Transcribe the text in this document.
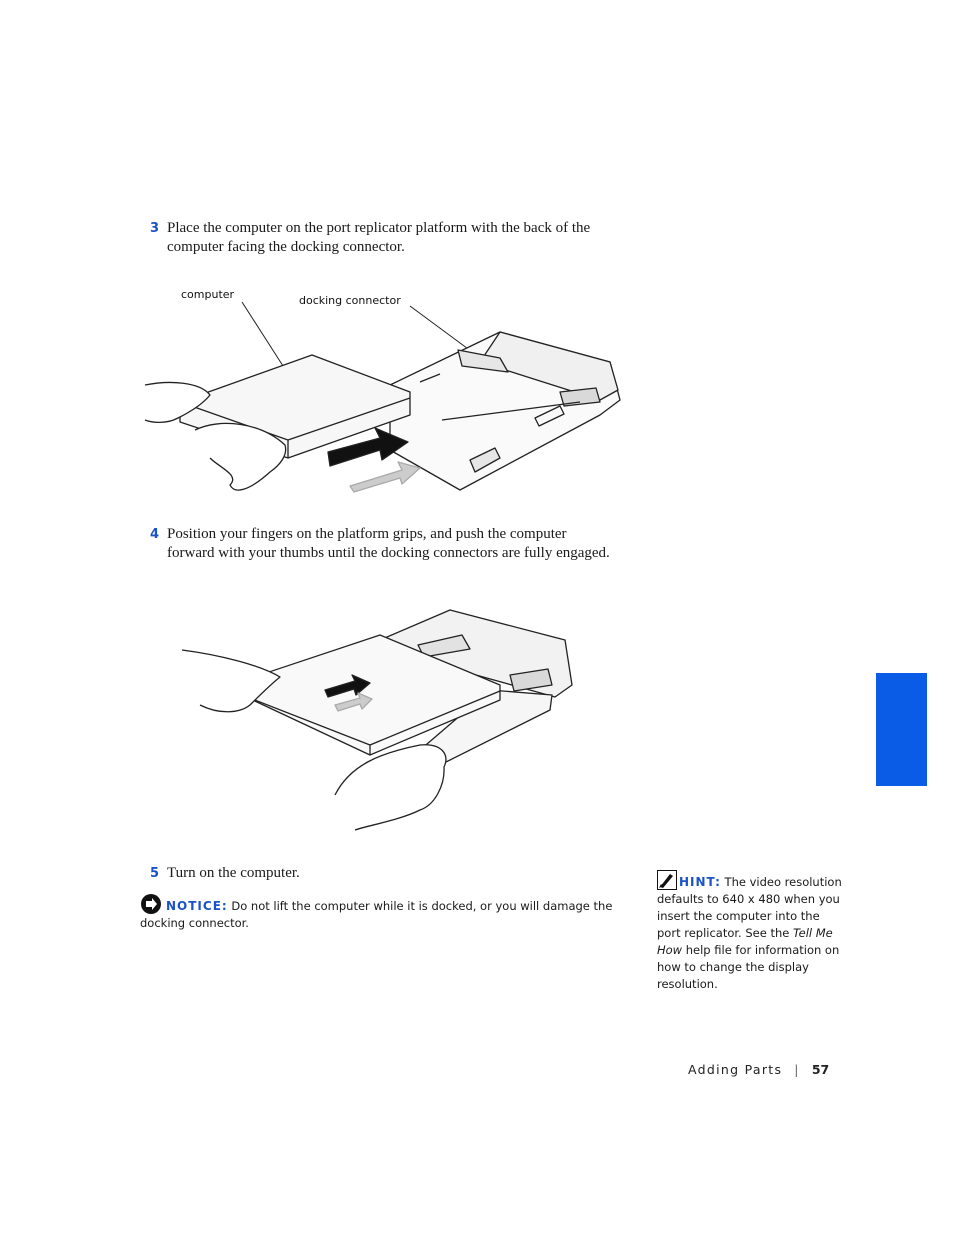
3 Place the computer on the port replicator platform with the back of the computer facing the docking connector.
computer	docking connector
4 Position your fingers on the platform grips, and push the computer forward with your thumbs until the docking connectors are fully engaged.
5 Turn on the computer.
NOTICE: Do not lift the computer while it is docked, or you will damage the docking connector.
HINT: The video resolution defaults to 640 x 480 when you insert the computer into the port replicator. See the Tell Me How help file for information on how to change the display resolution.
Adding Parts | 57
